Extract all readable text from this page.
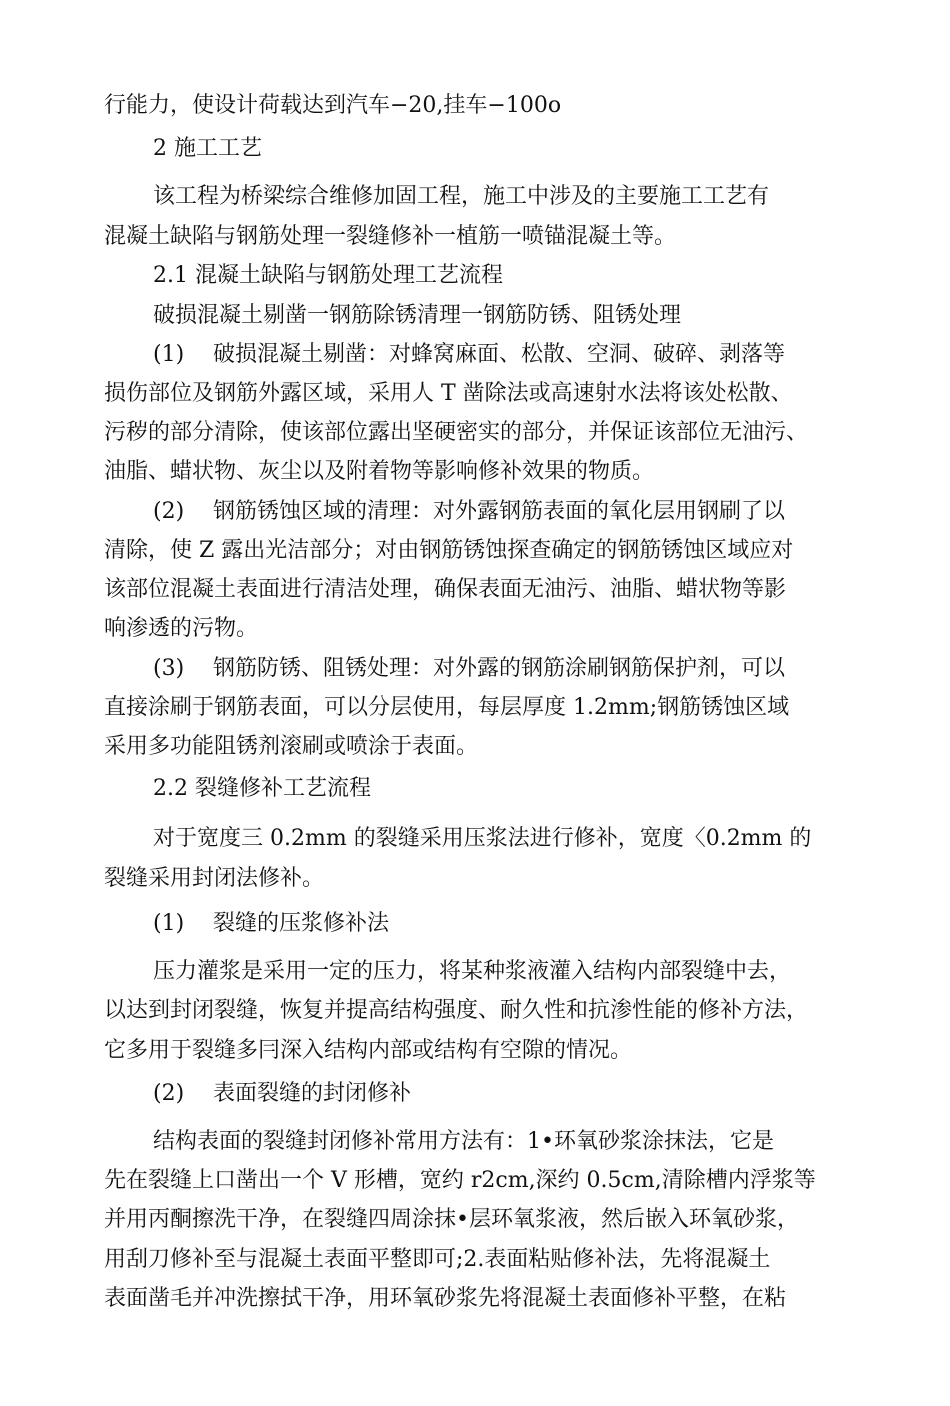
行能力，使设计荷载达到汽车−20,挂车−100o
2 施工工艺
该工程为桥梁综合维修加固工程，施工中涉及的主要施工工艺有
混凝土缺陷与钢筋处理一裂缝修补一植筋一喷锚混凝土等。
2.1 混凝土缺陷与钢筋处理工艺流程
破损混凝土剔凿一钢筋除锈清理一钢筋防锈、阻锈处理
(1) 破损混凝土剔凿：对蜂窝麻面、松散、空洞、破碎、剥落等
损伤部位及钢筋外露区域，采用人 T 凿除法或高速射水法将该处松散、
污秽的部分清除，使该部位露出坚硬密实的部分，并保证该部位无油污、
油脂、蜡状物、灰尘以及附着物等影响修补效果的物质。
(2) 钢筋锈蚀区域的清理：对外露钢筋表面的氧化层用钢刷了以
清除，使 Z 露出光洁部分；对由钢筋锈蚀探查确定的钢筋锈蚀区域应对
该部位混凝土表面进行清洁处理，确保表面无油污、油脂、蜡状物等影
响渗透的污物。
(3) 钢筋防锈、阻锈处理：对外露的钢筋涂刷钢筋保护剂，可以
直接涂刷于钢筋表面，可以分层使用，每层厚度 1.2mm;钢筋锈蚀区域
采用多功能阻锈剂滚刷或喷涂于表面。
2.2 裂缝修补工艺流程
对于宽度三 0.2mm 的裂缝采用压浆法进行修补，宽度〈0.2mm 的
裂缝采用封闭法修补。
(1) 裂缝的压浆修补法
压力灌浆是采用一定的压力，将某种浆液灌入结构内部裂缝中去，
以达到封闭裂缝，恢复并提高结构强度、耐久性和抗渗性能的修补方法，
它多用于裂缝多冃深入结构内部或结构有空隙的情况。
(2) 表面裂缝的封闭修补
结构表面的裂缝封闭修补常用方法有：1•环氧砂浆涂抹法，它是
先在裂缝上口凿出一个 V 形槽，宽约 r2cm,深约 0.5cm,清除槽内浮浆等
并用丙酮擦洗干净，在裂缝四周涂抹•层环氧浆液，然后嵌入环氧砂浆，
用刮刀修补至与混凝土表面平整即可;2.表面粘贴修补法，先将混凝土
表面凿毛并冲洗擦拭干净，用环氧砂浆先将混凝土表面修补平整，在粘
